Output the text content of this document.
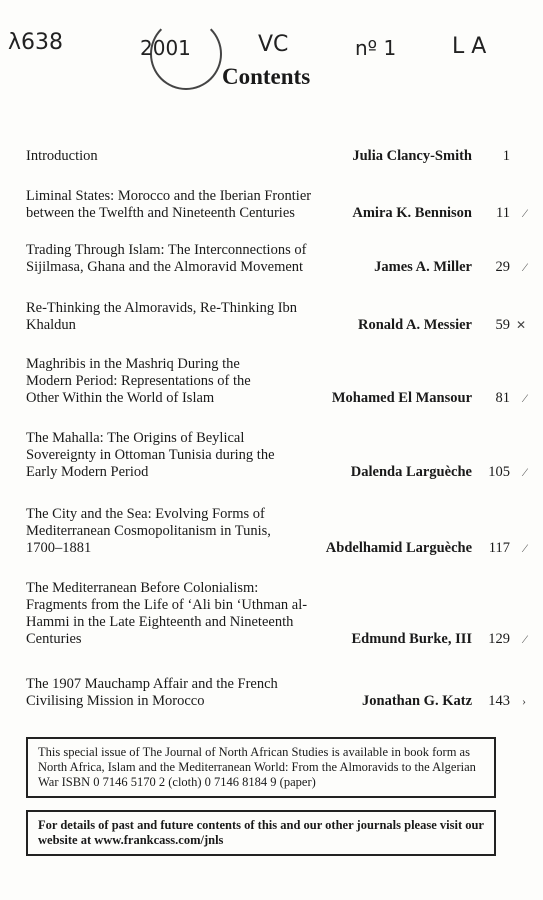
λ638	2001	VC	nº 1	L A
Contents
Introduction	Julia Clancy-Smith 1
Liminal States: Morocco and the Iberian Frontier between the Twelfth and Nineteenth Centuries	Amira K. Bennison 11 ⁄
Trading Through Islam: The Interconnections of Sijilmasa, Ghana and the Almoravid Movement	James A. Miller 29 ⁄
Re-Thinking the Almoravids, Re-Thinking Ibn Khaldun	Ronald A. Messier 59 ✕
Maghribis in the Mashriq During the Modern Period: Representations of the Other Within the World of Islam	Mohamed El Mansour 81 ⁄
The Mahalla: The Origins of Beylical Sovereignty in Ottoman Tunisia during the Early Modern Period	Dalenda Larguèche 105 ⁄
The City and the Sea: Evolving Forms of Mediterranean Cosmopolitanism in Tunis, 1700–1881	Abdelhamid Larguèche 117 ⁄
The Mediterranean Before Colonialism: Fragments from the Life of ‘Ali bin ‘Uthman al-Hammi in the Late Eighteenth and Nineteenth Centuries	Edmund Burke, III 129 ⁄
The 1907 Mauchamp Affair and the French Civilising Mission in Morocco	Jonathan G. Katz 143 ›
This special issue of The Journal of North African Studies is available in book form as North Africa, Islam and the Mediterranean World: From the Almoravids to the Algerian War ISBN 0 7146 5170 2 (cloth) 0 7146 8184 9 (paper)
For details of past and future contents of this and our other journals please visit our website at www.frankcass.com/jnls
